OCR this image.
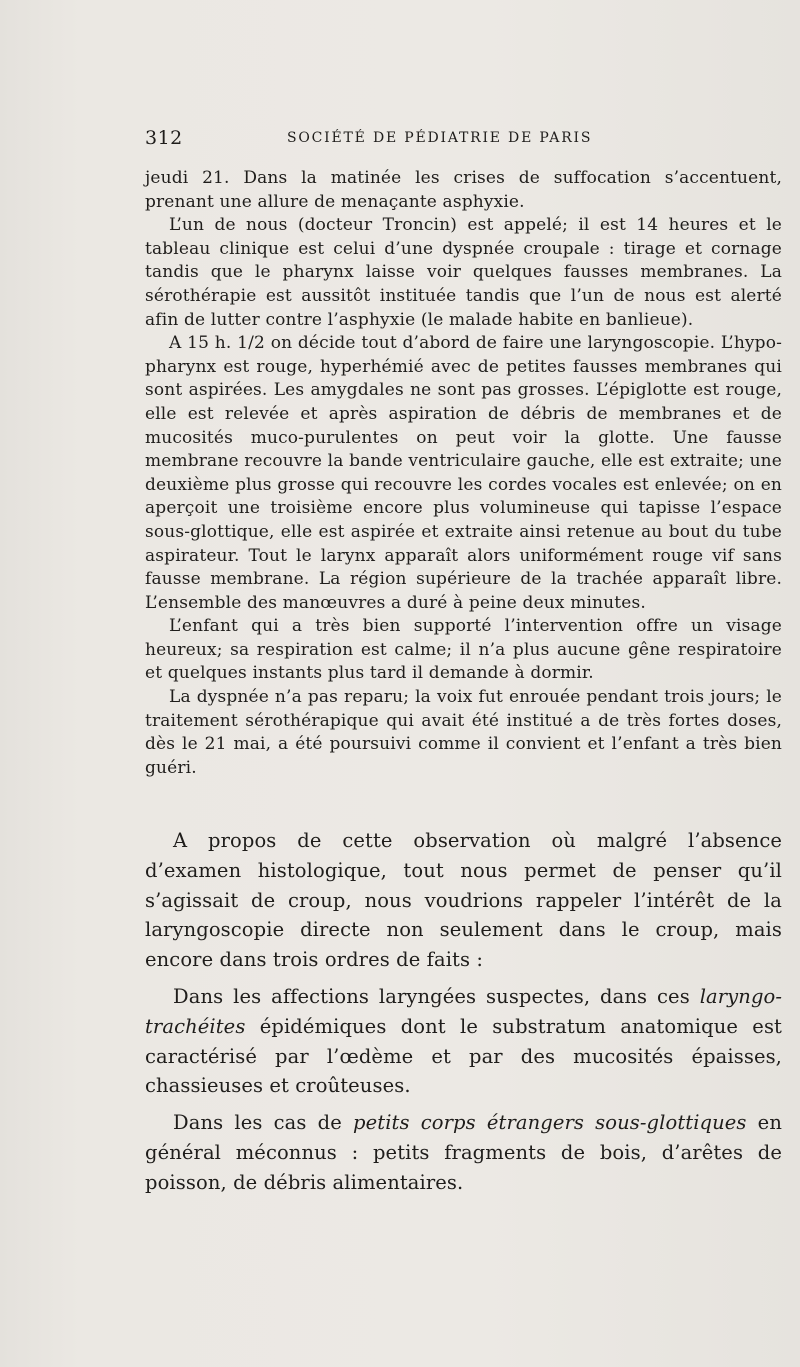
312	SOCIÉTÉ DE PÉDIATRIE DE PARIS

jeudi 21. Dans la matinée les crises de suffocation s’accentuent, prenant une allure de menaçante asphyxie.

L’un de nous (docteur Troncin) est appelé; il est 14 heures et le tableau clinique est celui d’une dyspnée croupale : tirage et cornage tandis que le pharynx laisse voir quelques fausses membranes. La sérothérapie est aussitôt instituée tandis que l’un de nous est alerté afin de lutter contre l’asphyxie (le malade habite en banlieue).

A 15 h. 1/2 on décide tout d’abord de faire une laryngoscopie. L’hypo-pharynx est rouge, hyperhémié avec de petites fausses membranes qui sont aspirées. Les amygdales ne sont pas grosses. L’épiglotte est rouge, elle est relevée et après aspiration de débris de membranes et de mucosités muco-purulentes on peut voir la glotte. Une fausse membrane recouvre la bande ventriculaire gauche, elle est extraite; une deuxième plus grosse qui recouvre les cordes vocales est enlevée; on en aperçoit une troisième encore plus volumineuse qui tapisse l’espace sous-glottique, elle est aspirée et extraite ainsi retenue au bout du tube aspirateur. Tout le larynx apparaît alors uniformément rouge vif sans fausse membrane. La région supérieure de la trachée apparaît libre. L’ensemble des manœuvres a duré à peine deux minutes.

L’enfant qui a très bien supporté l’intervention offre un visage heureux; sa respiration est calme; il n’a plus aucune gêne respiratoire et quelques instants plus tard il demande à dormir.

La dyspnée n’a pas reparu; la voix fut enrouée pendant trois jours; le traitement sérothérapique qui avait été institué a de très fortes doses, dès le 21 mai, a été poursuivi comme il convient et l’enfant a très bien guéri.

A propos de cette observation où malgré l’absence d’examen histologique, tout nous permet de penser qu’il s’agissait de croup, nous voudrions rappeler l’intérêt de la laryngoscopie directe non seulement dans le croup, mais encore dans trois ordres de faits :

Dans les affections laryngées suspectes, dans ces laryngotrachéites épidémiques dont le substratum anatomique est caractérisé par l’œdème et par des mucosités épaisses, chassieuses et croûteuses.

Dans les cas de petits corps étrangers sous-glottiques en général méconnus : petits fragments de bois, d’arêtes de poisson, de débris alimentaires.
